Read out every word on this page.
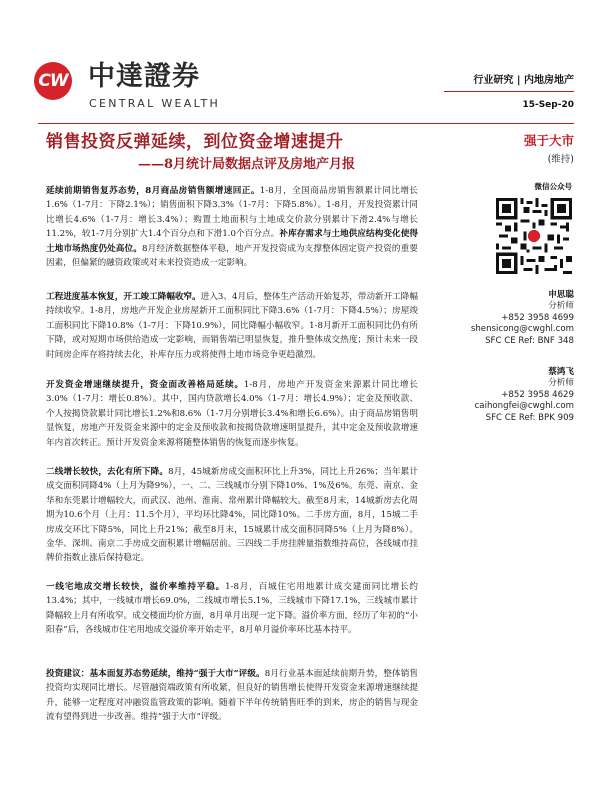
CW 中達證券
CENTRAL WEALTH
行业研究 | 内地房地产
15-Sep-20
销售投资反弹延续，到位资金增速提升
——8月统计局数据点评及房地产月报
强于大市
(维持)
微信公众号
申思聪
分析师
+852 3958 4699
shensicong@cwghl.com
SFC CE Ref: BNF 348
蔡鸿飞
分析师
+852 3958 4629
caihongfei@cwghl.com
SFC CE Ref: BPK 909

延续前期销售复苏态势，8月商品房销售额增速回正。1-8月，全国商品房销售额累计同比增长1.6%（1-7月：下降2.1%）；销售面积下降3.3%（1-7月：下降5.8%）。1-8月，开发投资累计同比增长4.6%（1-7月：增长3.4%）；购置土地面积与土地成交价款分别累计下滑2.4%与增长11.2%，较1-7月分别扩大1.4个百分点和下滑1.0个百分点。补库存需求与土地供应结构变化使得土地市场热度仍处高位。8月经济数据整体平稳，地产开发投资成为支撑整体固定资产投资的重要因素，但偏紧的融资政策或对未来投资造成一定影响。

工程进度基本恢复，开工竣工降幅收窄。进入3、4月后，整体生产活动开始复苏，带动新开工降幅持续收窄。1-8月，房地产开发企业房屋新开工面积同比下降3.6%（1-7月：下降4.5%）；房屋竣工面积同比下降10.8%（1-7月：下降10.9%），同比降幅小幅收窄。1-8月新开工面积同比仍有所下降，或对短期市场供给造成一定影响，而销售端已明显恢复，推升整体成交热度；预计未来一段时间房企库存将持续去化，补库存压力或将使得土地市场竞争更趋激烈。

开发资金增速继续提升，资金面改善格局延续。1-8月，房地产开发资金来源累计同比增长3.0%（1-7月：增长0.8%）。其中，国内贷款增长4.0%（1-7月：增长4.9%）；定金及预收款、个人按揭贷款累计同比增长1.2%和8.6%（1-7月分别增长3.4%和增长6.6%）。由于商品房销售明显恢复，房地产开发资金来源中的定金及预收款和按揭贷款增速明显提升，其中定金及预收款增速年内首次转正。预计开发资金来源将随整体销售的恢复而逐步恢复。

二线增长较快，去化有所下降。8月，45城新房成交面积环比上升3%，同比上升26%；当年累计成交面积同降4%（上月为降9%），一、二、三线城市分别下降10%、1%及6%。东莞、南京、金华和东莞累计增幅较大，而武汉、池州、淮南、常州累计降幅较大。截至8月末，14城新房去化周期为10.6个月（上月：11.5个月），平均环比降4%，同比降10%。二手房方面，8月，15城二手房成交环比下降5%，同比上升21%；截至8月末，15城累计成交面积同降5%（上月为降8%）。金华、深圳、南京二手房成交面积累计增幅居前。三四线二手房挂牌量指数维持高位，各线城市挂牌价指数止涨后保持稳定。

一线宅地成交增长较快，溢价率维持平稳。1-8月，百城住宅用地累计成交建面同比增长约13.4%；其中，一线城市增长69.0%，二线城市增长5.1%，三线城市下降17.1%，三线城市累计降幅较上月有所收窄。成交楼面均价方面，8月单月出现一定下降。溢价率方面，经历了年初的“小阳春”后，各线城市住宅用地成交溢价率开始走平，8月单月溢价率环比基本持平。

投资建议：基本面复苏态势延续，维持“强于大市”评级。8月行业基本面延续前期升势，整体销售投资均实现同比增长。尽管融资端政策有所收紧，但良好的销售增长使得开发资金来源增速继续提升，能够一定程度对冲融资监管政策的影响。随着下半年传统销售旺季的到来，房企的销售与现金流有望得到进一步改善。维持“强于大市”评级。
